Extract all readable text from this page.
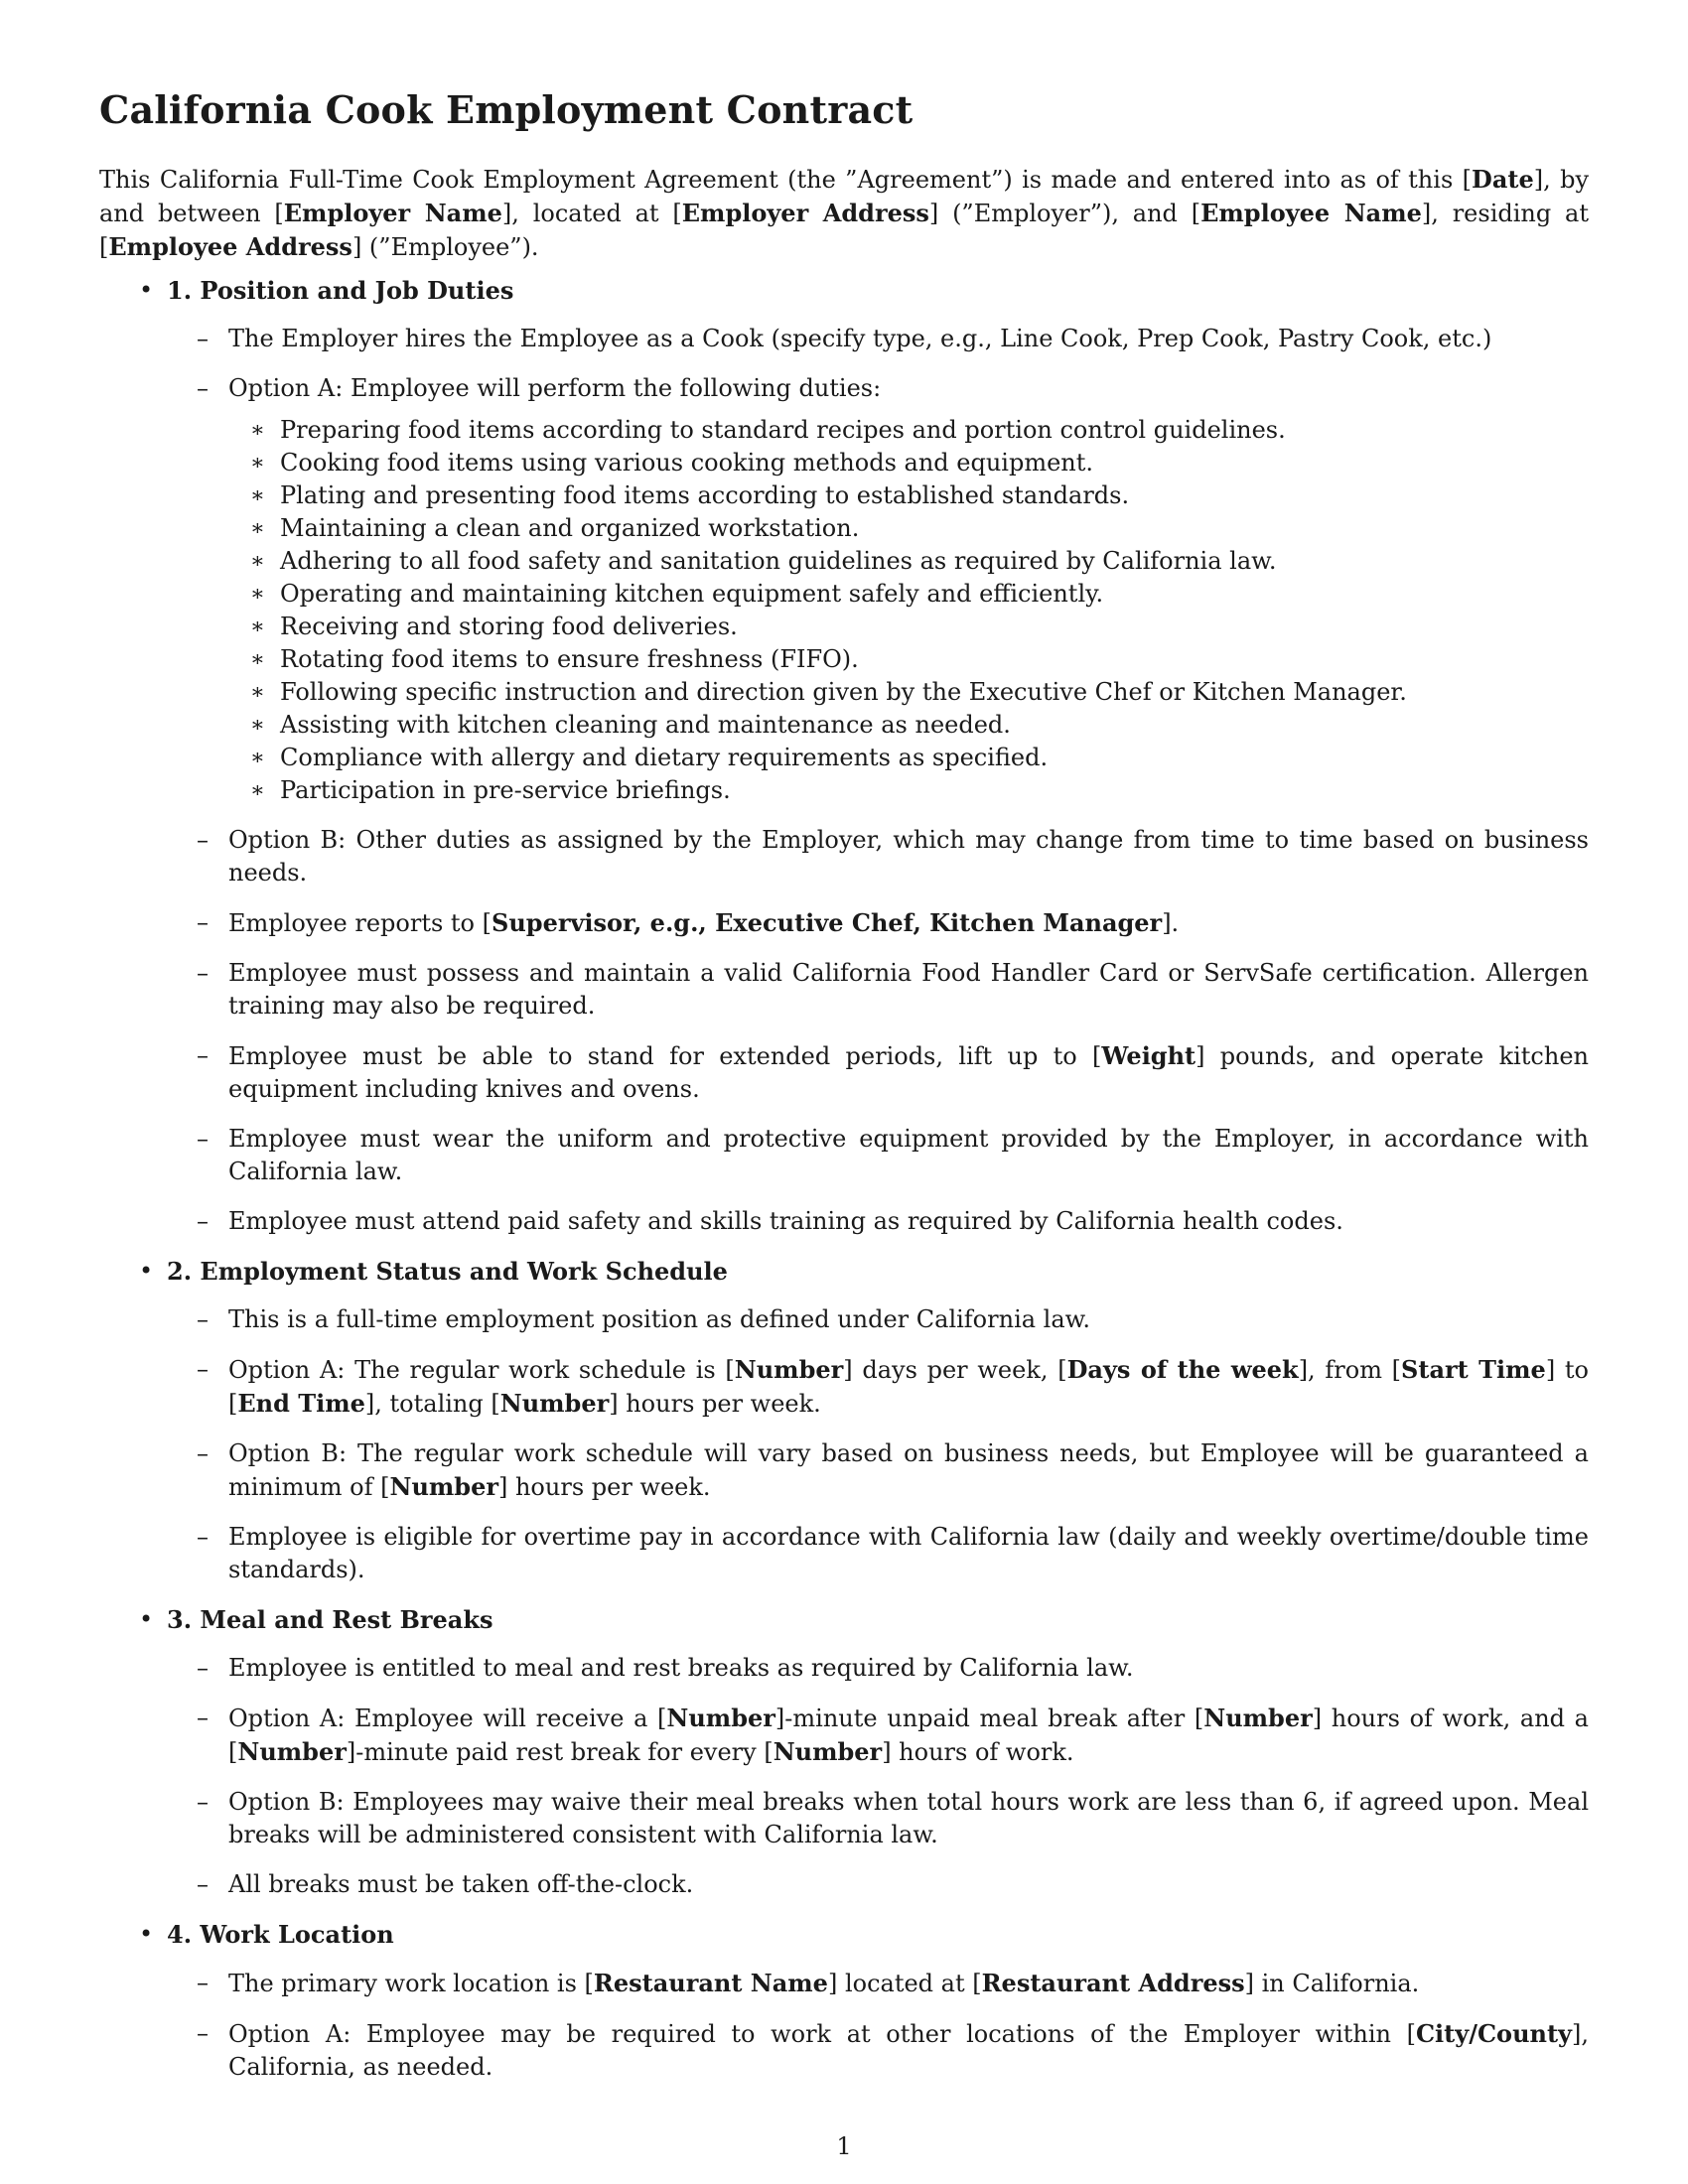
California Cook Employment Contract

This California Full-Time Cook Employment Agreement (the ”Agreement”) is made and entered into as of this [Date], by and between [Employer Name], located at [Employer Address] (”Employer”), and [Employee Name], residing at [Employee Address] (”Employee”).

• 1. Position and Job Duties
– The Employer hires the Employee as a Cook (specify type, e.g., Line Cook, Prep Cook, Pastry Cook, etc.)
– Option A: Employee will perform the following duties:
∗ Preparing food items according to standard recipes and portion control guidelines.
∗ Cooking food items using various cooking methods and equipment.
∗ Plating and presenting food items according to established standards.
∗ Maintaining a clean and organized workstation.
∗ Adhering to all food safety and sanitation guidelines as required by California law.
∗ Operating and maintaining kitchen equipment safely and efficiently.
∗ Receiving and storing food deliveries.
∗ Rotating food items to ensure freshness (FIFO).
∗ Following specific instruction and direction given by the Executive Chef or Kitchen Manager.
∗ Assisting with kitchen cleaning and maintenance as needed.
∗ Compliance with allergy and dietary requirements as specified.
∗ Participation in pre-service briefings.
– Option B: Other duties as assigned by the Employer, which may change from time to time based on business needs.
– Employee reports to [Supervisor, e.g., Executive Chef, Kitchen Manager].
– Employee must possess and maintain a valid California Food Handler Card or ServSafe certification. Allergen training may also be required.
– Employee must be able to stand for extended periods, lift up to [Weight] pounds, and operate kitchen equipment including knives and ovens.
– Employee must wear the uniform and protective equipment provided by the Employer, in accordance with California law.
– Employee must attend paid safety and skills training as required by California health codes.
• 2. Employment Status and Work Schedule
– This is a full-time employment position as defined under California law.
– Option A: The regular work schedule is [Number] days per week, [Days of the week], from [Start Time] to [End Time], totaling [Number] hours per week.
– Option B: The regular work schedule will vary based on business needs, but Employee will be guaranteed a minimum of [Number] hours per week.
– Employee is eligible for overtime pay in accordance with California law (daily and weekly overtime/double time standards).
• 3. Meal and Rest Breaks
– Employee is entitled to meal and rest breaks as required by California law.
– Option A: Employee will receive a [Number]-minute unpaid meal break after [Number] hours of work, and a [Number]-minute paid rest break for every [Number] hours of work.
– Option B: Employees may waive their meal breaks when total hours work are less than 6, if agreed upon. Meal breaks will be administered consistent with California law.
– All breaks must be taken off-the-clock.
• 4. Work Location
– The primary work location is [Restaurant Name] located at [Restaurant Address] in California.
– Option A: Employee may be required to work at other locations of the Employer within [City/County], California, as needed.
1
